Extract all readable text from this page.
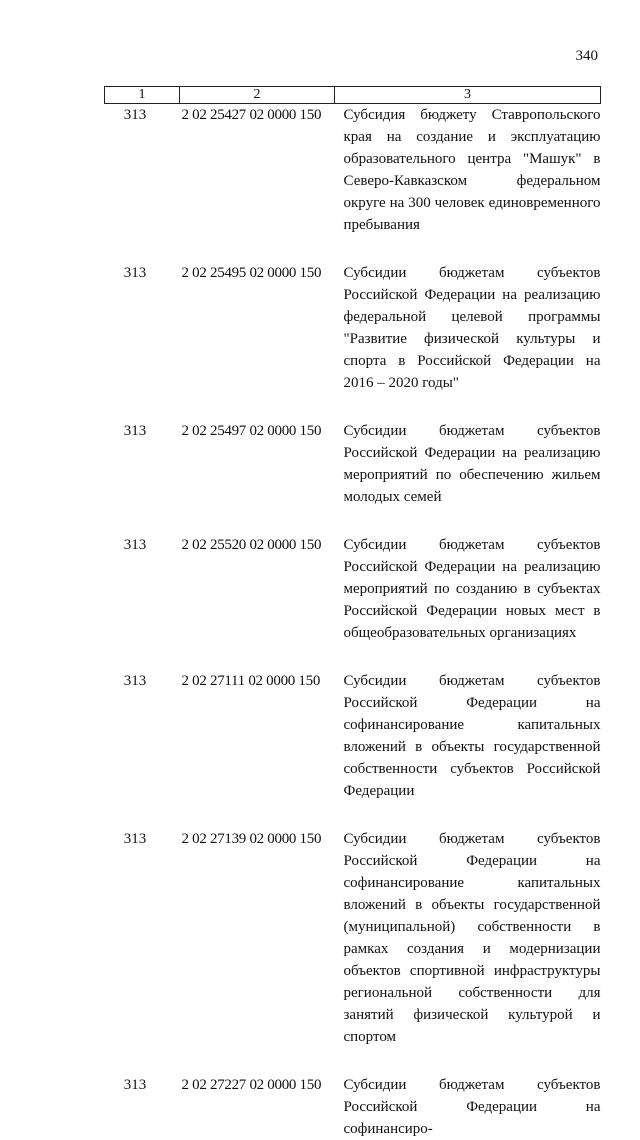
340
1	2	3
313	2 02 25427 02 0000 150	Субсидия бюджету Ставропольского края на создание и эксплуатацию образовательного центра "Машук" в Северо-Кавказском федеральном округе на 300 человек единовременного пребывания
313	2 02 25495 02 0000 150	Субсидии бюджетам субъектов Российской Федерации на реализацию федеральной целевой программы "Развитие физической культуры и спорта в Российской Федерации на 2016 – 2020 годы"
313	2 02 25497 02 0000 150	Субсидии бюджетам субъектов Российской Федерации на реализацию мероприятий по обеспечению жильем молодых семей
313	2 02 25520 02 0000 150	Субсидии бюджетам субъектов Российской Федерации на реализацию мероприятий по созданию в субъектах Российской Федерации новых мест в общеобразовательных организациях
313	2 02 27111 02 0000 150	Субсидии бюджетам субъектов Российской Федерации на софинансирование капитальных вложений в объекты государственной собственности субъектов Российской Федерации
313	2 02 27139 02 0000 150	Субсидии бюджетам субъектов Российской Федерации на софинансирование капитальных вложений в объекты государственной (муниципальной) собственности в рамках создания и модернизации объектов спортивной инфраструктуры региональной собственности для занятий физической культурой и спортом
313	2 02 27227 02 0000 150	Субсидии бюджетам субъектов Российской Федерации на софинансиро-
